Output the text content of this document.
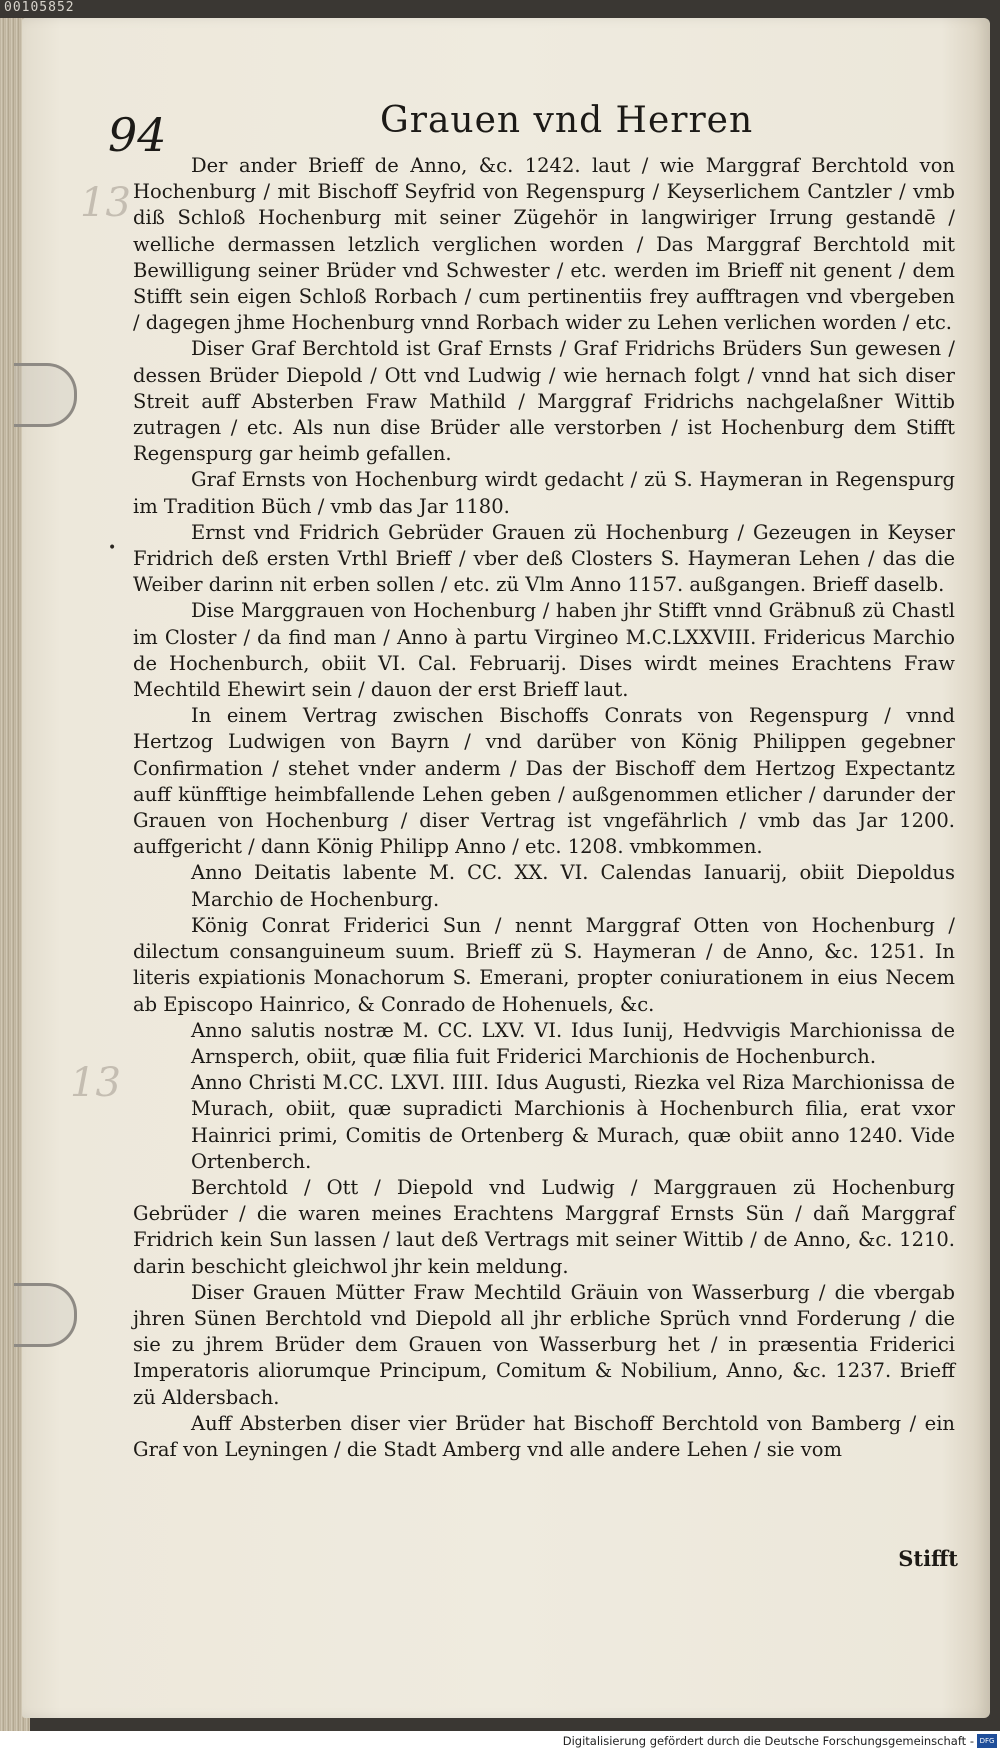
00105852
94	Grauen vnd Herren
13
13
•

Der ander Brieff de Anno, &c. 1242. laut / wie Marggraf Berchtold von Hochenburg / mit Bischoff Seyfrid von Regenspurg / Keyserlichem Cantzler / vmb diß Schloß Hochenburg mit seiner Zügehör in langwiriger Irrung gestandē / welliche dermassen letzlich verglichen worden / Das Marggraf Berchtold mit Bewilligung seiner Brüder vnd Schwester / etc. werden im Brieff nit genent / dem Stifft sein eigen Schloß Rorbach / cum pertinentiis frey aufftragen vnd vbergeben / dagegen jhme Hochenburg vnnd Rorbach wider zu Lehen verlichen worden / etc.

Diser Graf Berchtold ist Graf Ernsts / Graf Fridrichs Brüders Sun gewesen / dessen Brüder Diepold / Ott vnd Ludwig / wie hernach folgt / vnnd hat sich diser Streit auff Absterben Fraw Mathild / Marggraf Fridrichs nachgelaßner Wittib zutragen / etc. Als nun dise Brüder alle verstorben / ist Hochenburg dem Stifft Regenspurg gar heimb gefallen.

Graf Ernsts von Hochenburg wirdt gedacht / zü S. Haymeran in Regenspurg im Tradition Büch / vmb das Jar 1180.

Ernst vnd Fridrich Gebrüder Grauen zü Hochenburg / Gezeugen in Keyser Fridrich deß ersten Vrthl Brieff / vber deß Closters S. Haymeran Lehen / das die Weiber darinn nit erben sollen / etc. zü Vlm Anno 1157. außgangen. Brieff daselb.

Dise Marggrauen von Hochenburg / haben jhr Stifft vnnd Gräbnuß zü Chastl im Closter / da find man / Anno à partu Virgineo M.C.LXXVIII. Fridericus Marchio de Hochenburch, obiit VI. Cal. Februarij. Dises wirdt meines Erachtens Fraw Mechtild Ehewirt sein / dauon der erst Brieff laut.

In einem Vertrag zwischen Bischoffs Conrats von Regenspurg / vnnd Hertzog Ludwigen von Bayrn / vnd darüber von König Philippen gegebner Confirmation / stehet vnder anderm / Das der Bischoff dem Hertzog Expectantz auff künfftige heimbfallende Lehen geben / außgenommen etlicher / darunder der Grauen von Hochenburg / diser Vertrag ist vngefährlich / vmb das Jar 1200. auffgericht / dann König Philipp Anno / etc. 1208. vmbkommen.

Anno Deitatis labente M. CC. XX. VI. Calendas Ianuarij, obiit Diepoldus Marchio de Hochenburg.

König Conrat Friderici Sun / nennt Marggraf Otten von Hochenburg / dilectum consanguineum suum. Brieff zü S. Haymeran / de Anno, &c. 1251. In literis expiationis Monachorum S. Emerani, propter coniurationem in eius Necem ab Episcopo Hainrico, & Conrado de Hohenuels, &c.

Anno salutis nostræ M. CC. LXV. VI. Idus Iunij, Hedvvigis Marchionissa de Arnsperch, obiit, quæ filia fuit Friderici Marchionis de Hochenburch.

Anno Christi M.CC. LXVI. IIII. Idus Augusti, Riezka vel Riza Marchionissa de Murach, obiit, quæ supradicti Marchionis à Hochenburch filia, erat vxor Hainrici primi, Comitis de Ortenberg & Murach, quæ obiit anno 1240. Vide Ortenberch.

Berchtold / Ott / Diepold vnd Ludwig / Marggrauen zü Hochenburg Gebrüder / die waren meines Erachtens Marggraf Ernsts Sün / dañ Marggraf Fridrich kein Sun lassen / laut deß Vertrags mit seiner Wittib / de Anno, &c. 1210. darin beschicht gleichwol jhr kein meldung.

Diser Grauen Mütter Fraw Mechtild Gräuin von Wasserburg / die vbergab jhren Sünen Berchtold vnd Diepold all jhr erbliche Sprüch vnnd Forderung / die sie zu jhrem Brüder dem Grauen von Wasserburg het / in præsentia Friderici Imperatoris aliorumque Principum, Comitum & Nobilium, Anno, &c. 1237. Brieff zü Aldersbach.

Auff Absterben diser vier Brüder hat Bischoff Berchtold von Bamberg / ein Graf von Leyningen / die Stadt Amberg vnd alle andere Lehen / sie vom

Stifft
Digitalisierung gefördert durch die Deutsche Forschungsgemeinschaft - DFG
